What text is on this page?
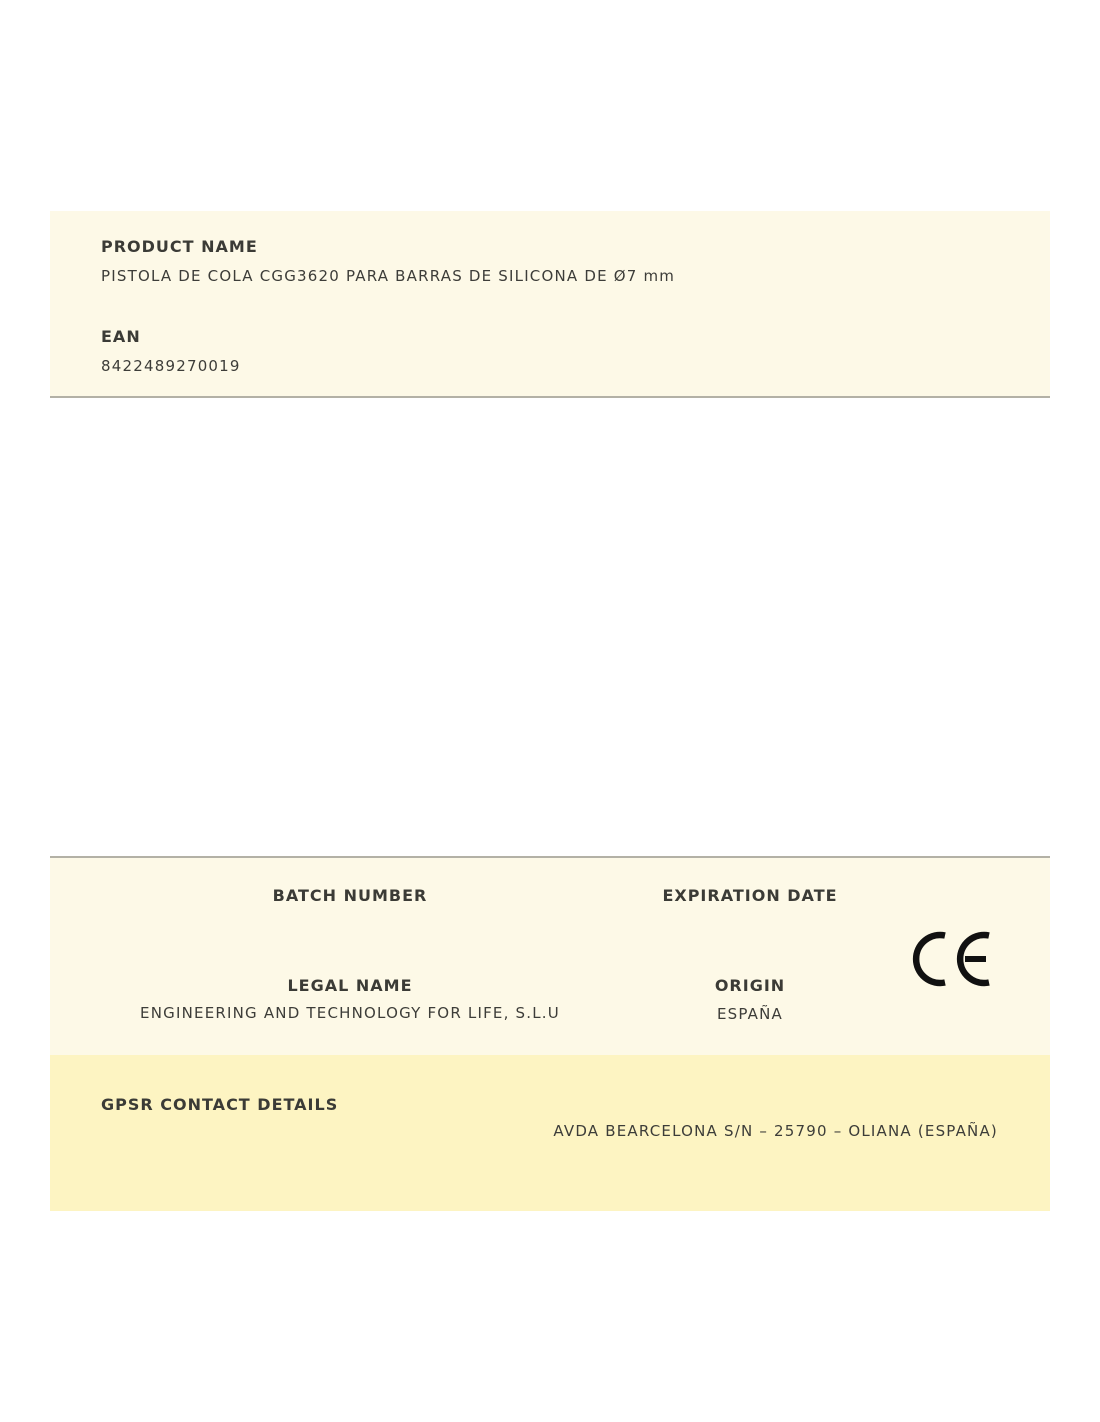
PRODUCT NAME
PISTOLA DE COLA CGG3620 PARA BARRAS DE SILICONA DE Ø7 mm
EAN
8422489270019
BATCH NUMBER	EXPIRATION DATE
LEGAL NAME
ENGINEERING AND TECHNOLOGY FOR LIFE, S.L.U
ORIGIN
ESPAÑA
GPSR CONTACT DETAILS
AVDA BEARCELONA S/N – 25790 – OLIANA (ESPAÑA)
